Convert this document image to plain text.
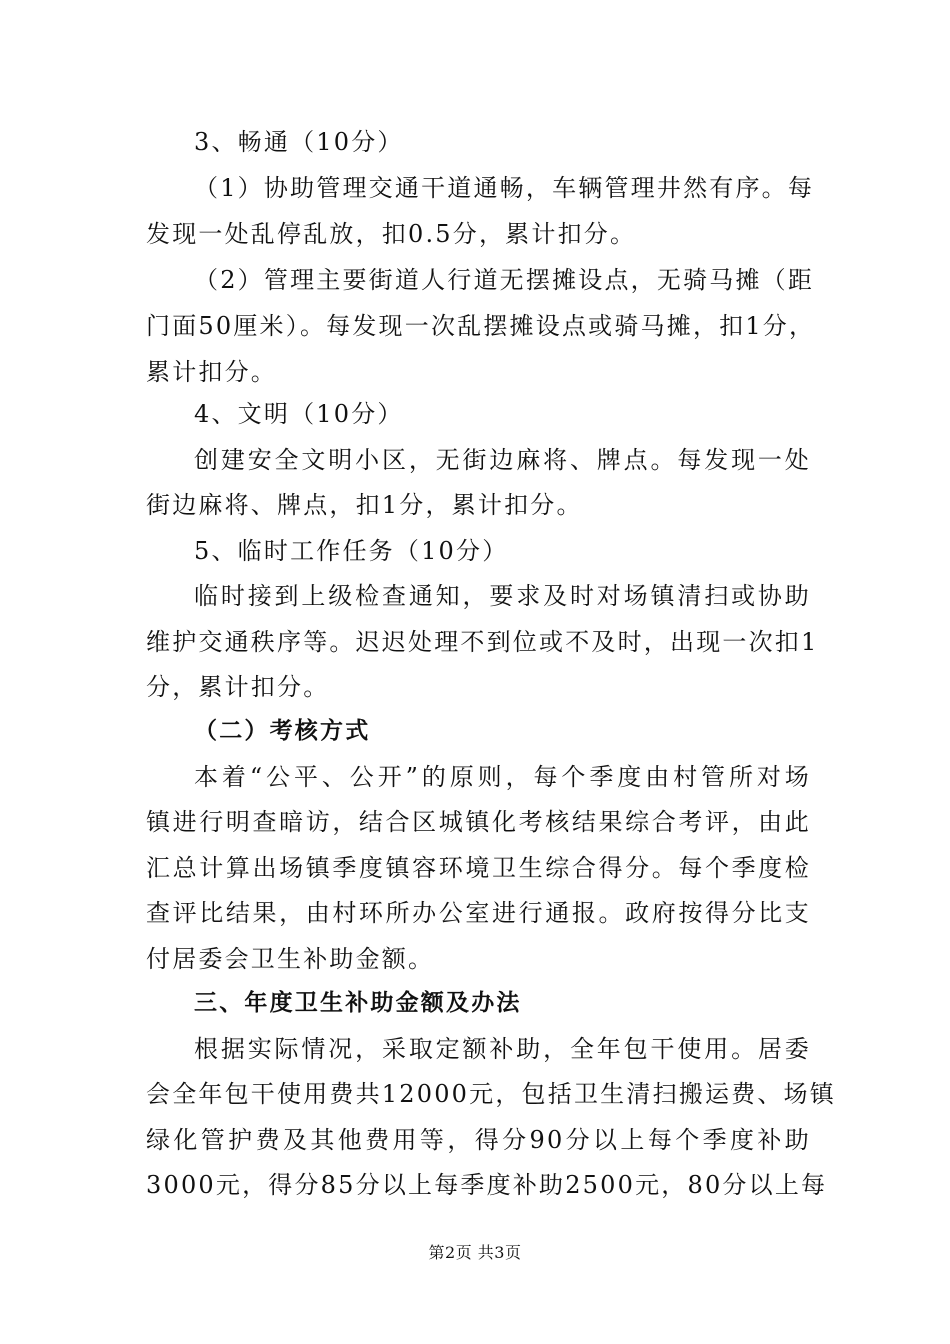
3、畅通（10分）
（1）协助管理交通干道通畅，车辆管理井然有序。每
发现一处乱停乱放，扣0.5分，累计扣分。
（2）管理主要街道人行道无摆摊设点，无骑马摊（距
门面50厘米）。每发现一次乱摆摊设点或骑马摊，扣1分，
累计扣分。
4、文明（10分）
创建安全文明小区，无街边麻将、牌点。每发现一处
街边麻将、牌点，扣1分，累计扣分。
5、临时工作任务（10分）
临时接到上级检查通知，要求及时对场镇清扫或协助
维护交通秩序等。迟迟处理不到位或不及时，出现一次扣1
分，累计扣分。
（二）考核方式
本着“公平、公开”的原则，每个季度由村管所对场
镇进行明查暗访，结合区城镇化考核结果综合考评，由此
汇总计算出场镇季度镇容环境卫生综合得分。每个季度检
查评比结果，由村环所办公室进行通报。政府按得分比支
付居委会卫生补助金额。
三、年度卫生补助金额及办法
根据实际情况，采取定额补助，全年包干使用。居委
会全年包干使用费共12000元，包括卫生清扫搬运费、场镇
绿化管护费及其他费用等，得分90分以上每个季度补助
3000元，得分85分以上每季度补助2500元，80分以上每
第2页 共3页
